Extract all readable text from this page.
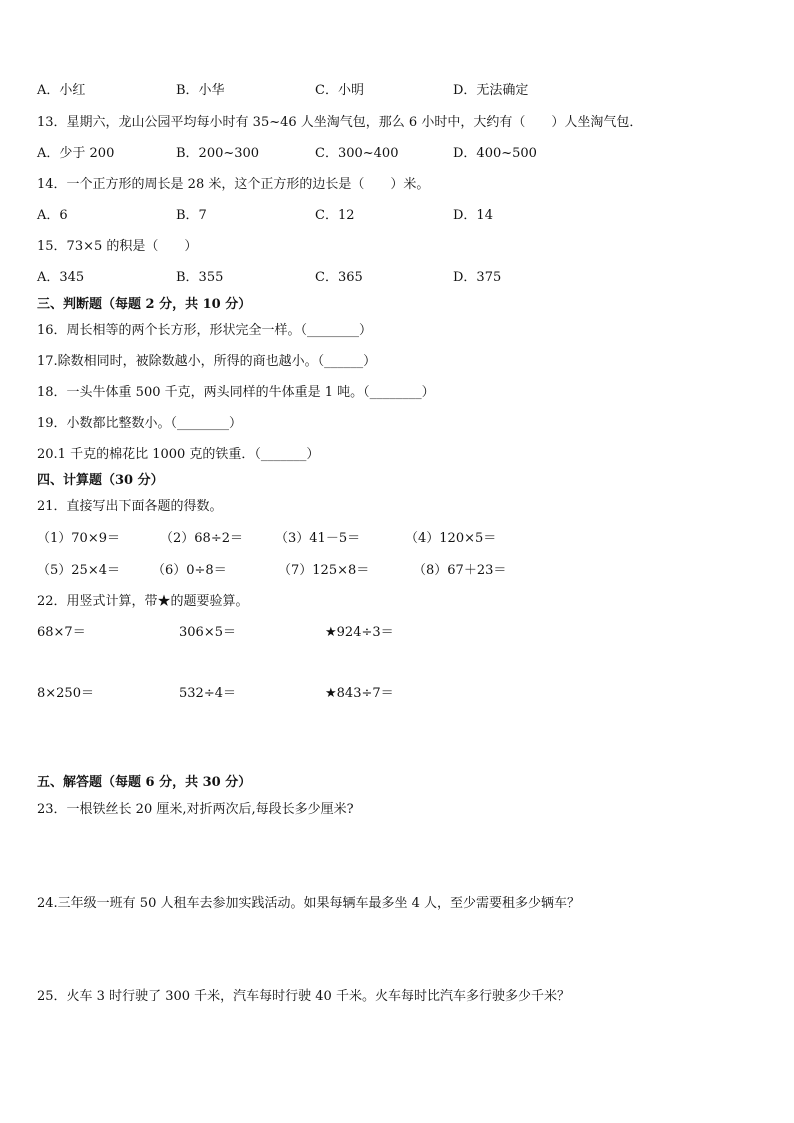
A．小红	B．小华	C．小明	D．无法确定
13．星期六，龙山公园平均每小时有 35~46 人坐淘气包，那么 6 小时中，大约有（　　）人坐淘气包．
A．少于 200	B．200~300	C．300~400	D．400~500
14．一个正方形的周长是 28 米，这个正方形的边长是（　　）米。
A．6	B．7	C．12	D．14
15．73×5 的积是（　　）
A．345	B．355	C．365	D．375
三、判断题（每题 2 分，共 10 分）
16．周长相等的两个长方形，形状完全一样。（________）
17.除数相同时，被除数越小，所得的商也越小。（______）
18．一头牛体重 500 千克，两头同样的牛体重是 1 吨。（________）
19．小数都比整数小。（________）
20.1 千克的棉花比 1000 克的铁重．（_______）
四、计算题（30 分）
21．直接写出下面各题的得数。
（1）70×9＝	（2）68÷2＝ （3）41－5＝	（4）120×5＝
（5）25×4＝ （6）0÷8＝	（7）125×8＝	（8）67＋23＝
22．用竖式计算，带★的题要验算。
68×7＝	306×5＝	★924÷3＝
8×250＝	532÷4＝	★843÷7＝
五、解答题（每题 6 分，共 30 分）
23．一根铁丝长 20 厘米,对折两次后,每段长多少厘米?
24.三年级一班有 50 人租车去参加实践活动。如果每辆车最多坐 4 人，至少需要租多少辆车？
25．火车 3 时行驶了 300 千米，汽车每时行驶 40 千米。火车每时比汽车多行驶多少千米？
